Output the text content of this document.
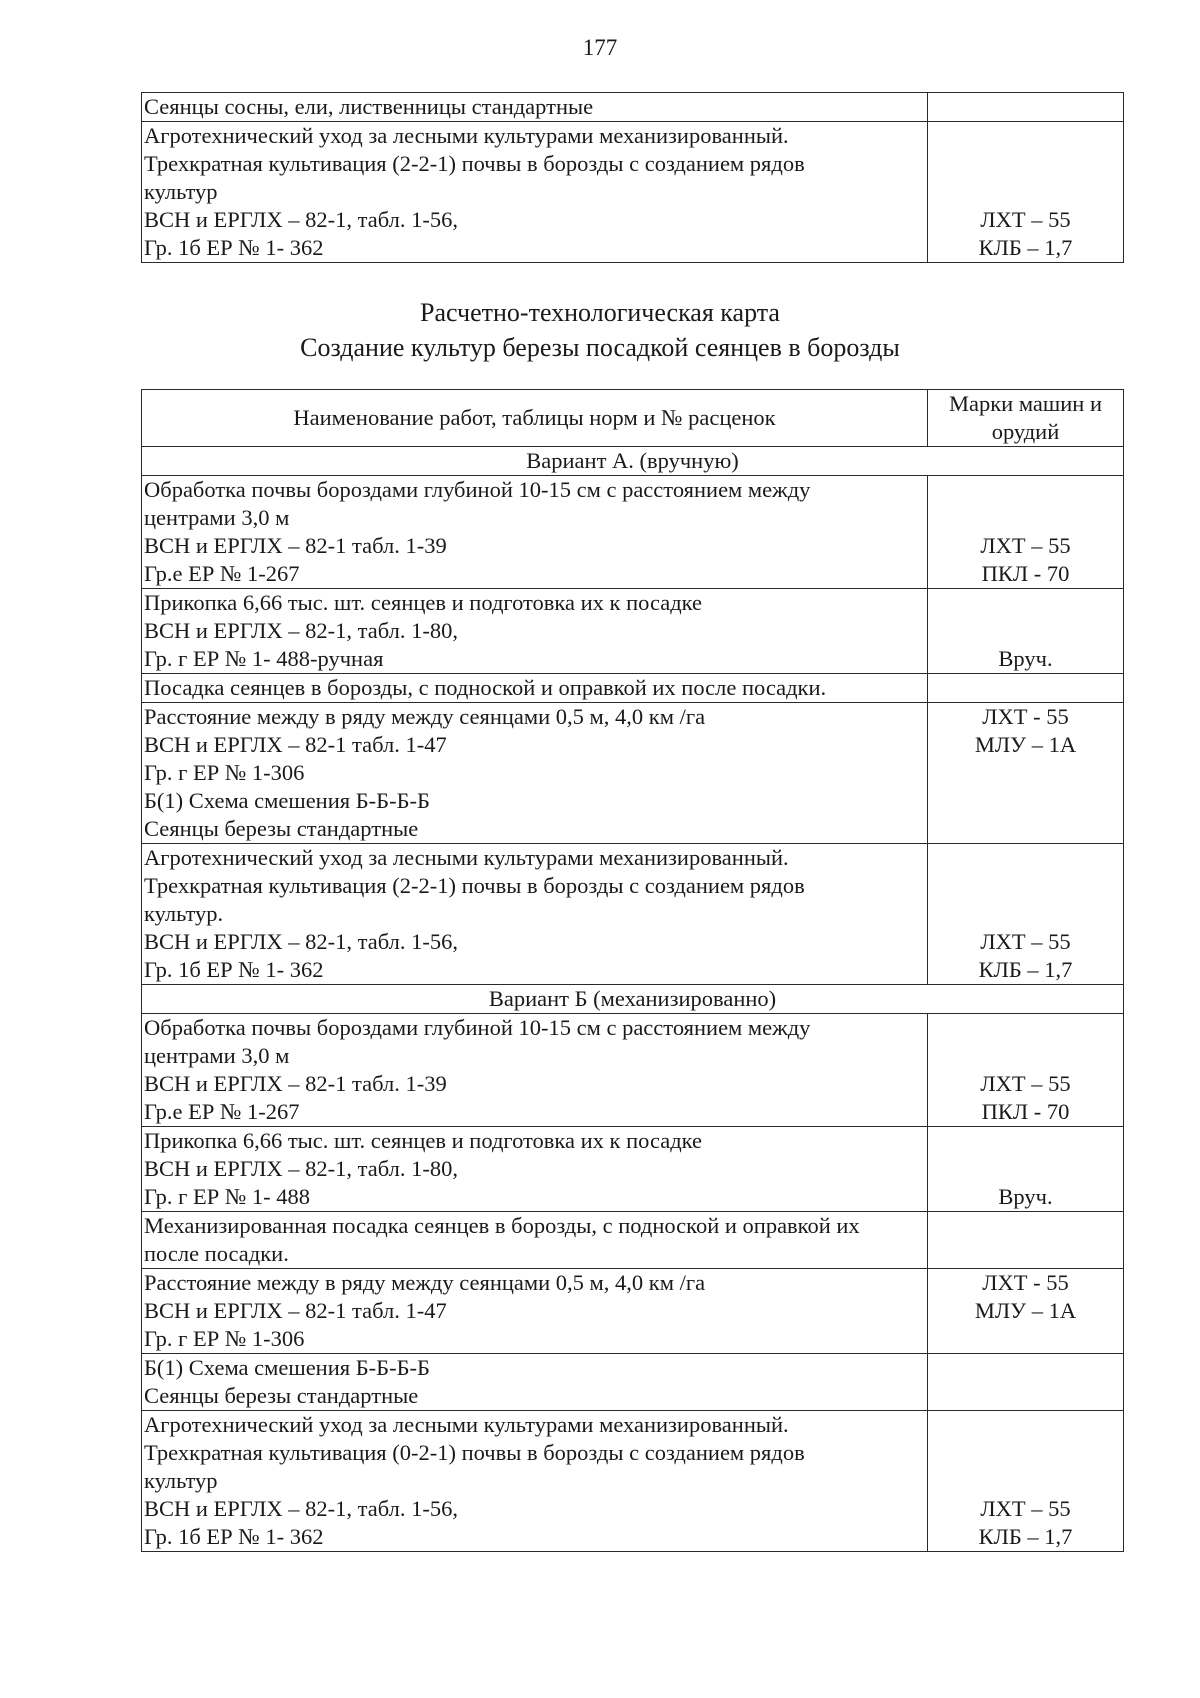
177
Сеянцы сосны, ели, лиственницы стандартные	

Агротехнический уход за лесными культурами механизированный.
Трехкратная культивация (2-2-1) почвы в борозды с созданием рядов
культур
ВСН и ЕРГЛХ – 82-1, табл. 1-56,
Гр. 1б ЕР № 1- 362	ЛХТ – 55
КЛБ – 1,7
Расчетно-технологическая карта
Создание культур березы посадкой сеянцев в борозды
Наименование работ, таблицы норм и № расценок	Марки машин и
орудий

Вариант А. (вручную)	

Обработка почвы бороздами глубиной 10-15 см с расстоянием между
центрами 3,0 м
ВСН и ЕРГЛХ – 82-1 табл. 1-39
Гр.е ЕР № 1-267	ЛХТ – 55
ПКЛ - 70

Прикопка 6,66 тыс. шт. сеянцев и подготовка их к посадке
ВСН и ЕРГЛХ – 82-1, табл. 1-80,
Гр. г ЕР № 1- 488-ручная	Вруч.

Посадка сеянцев в борозды, с подноской и оправкой их после посадки.	

Расстояние между в ряду между сеянцами 0,5 м, 4,0 км /га
ВСН и ЕРГЛХ – 82-1 табл. 1-47
Гр. г ЕР № 1-306
Б(1) Схема смешения Б-Б-Б-Б
Сеянцы березы стандартные	ЛХТ - 55
МЛУ – 1А

Агротехнический уход за лесными культурами механизированный.
Трехкратная культивация (2-2-1) почвы в борозды с созданием рядов
культур.
ВСН и ЕРГЛХ – 82-1, табл. 1-56,
Гр. 1б ЕР № 1- 362	ЛХТ – 55
КЛБ – 1,7

Вариант Б (механизированно)	

Обработка почвы бороздами глубиной 10-15 см с расстоянием между
центрами 3,0 м
ВСН и ЕРГЛХ – 82-1 табл. 1-39
Гр.е ЕР № 1-267	ЛХТ – 55
ПКЛ - 70

Прикопка 6,66 тыс. шт. сеянцев и подготовка их к посадке
ВСН и ЕРГЛХ – 82-1, табл. 1-80,
Гр. г ЕР № 1- 488	Вруч.

Механизированная посадка сеянцев в борозды, с подноской и оправкой их
после посадки.	

Расстояние между в ряду между сеянцами 0,5 м, 4,0 км /га
ВСН и ЕРГЛХ – 82-1 табл. 1-47
Гр. г ЕР № 1-306	ЛХТ - 55
МЛУ – 1А

Б(1) Схема смешения Б-Б-Б-Б
Сеянцы березы стандартные	

Агротехнический уход за лесными культурами механизированный.
Трехкратная культивация (0-2-1) почвы в борозды с созданием рядов
культур
ВСН и ЕРГЛХ – 82-1, табл. 1-56,
Гр. 1б ЕР № 1- 362	ЛХТ – 55
КЛБ – 1,7
